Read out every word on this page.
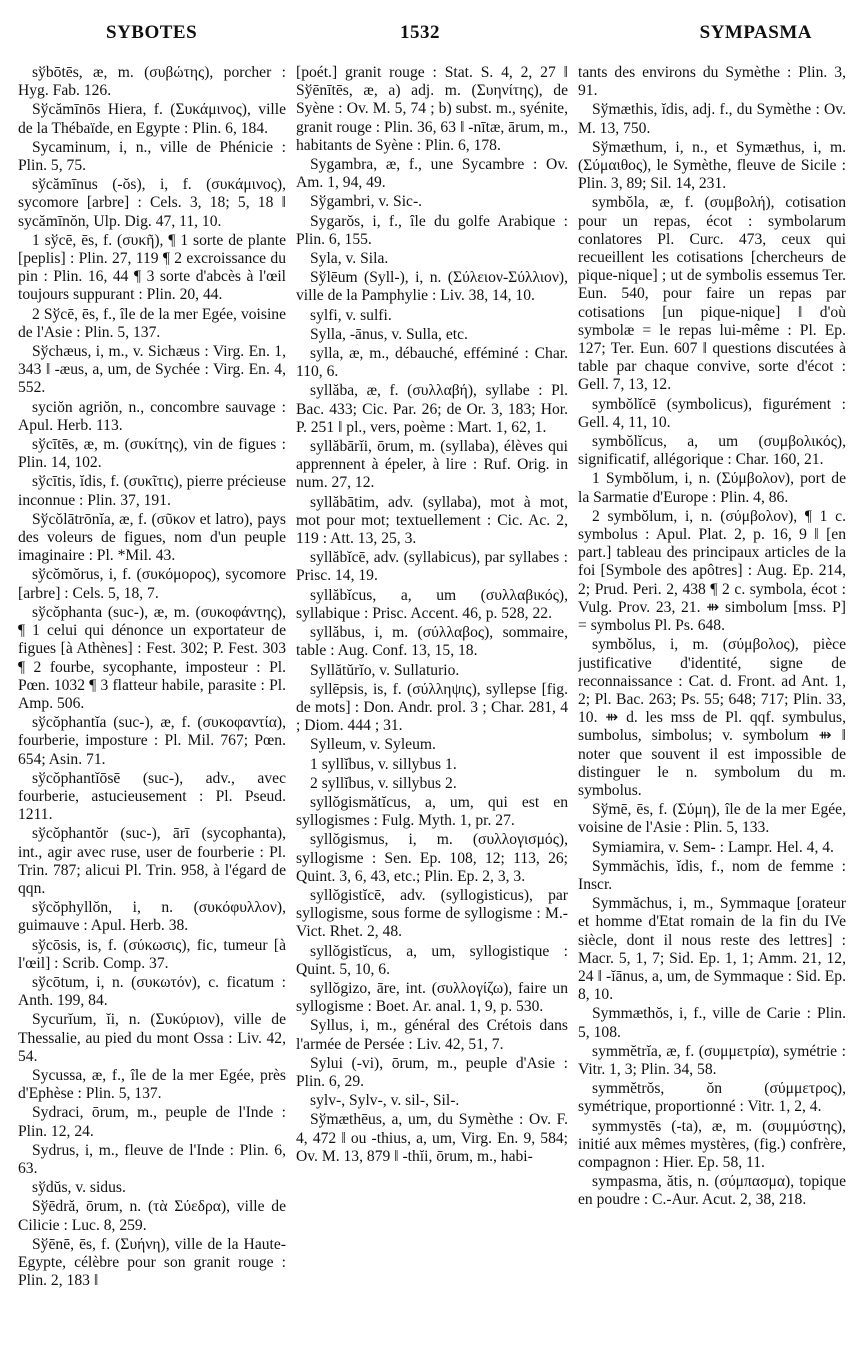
SYBOTES	1532	SYMPASMA

sўbōtēs, æ, m. (συβώτης), porcher : Hyg. Fab. 126.

Sўcămīnōs Hiera, f. (Συκάμινος), ville de la Thébaïde, en Egypte : Plin. 6, 184.

Sycaminum, i, n., ville de Phénicie : Plin. 5, 75.

sўcămīnus (-ŏs), i, f. (συκάμινος), sycomore [arbre] : Cels. 3, 18; 5, 18 ‖ sycămīnŏn, Ulp. Dig. 47, 11, 10.

1 sўcē, ēs, f. (συκῆ), ¶ 1 sorte de plante [peplis] : Plin. 27, 119 ¶ 2 excroissance du pin : Plin. 16, 44 ¶ 3 sorte d'abcès à l'œil toujours suppurant : Plin. 20, 44.

2 Sўcē, ēs, f., île de la mer Egée, voisine de l'Asie : Plin. 5, 137.

Sўchæus, i, m., v. Sichæus : Virg. En. 1, 343 ‖ -æus, a, um, de Sychée : Virg. En. 4, 552.

syciŏn agriŏn, n., concombre sauvage : Apul. Herb. 113.

sўcītēs, æ, m. (συκίτης), vin de figues : Plin. 14, 102.

sўcītis, ĭdis, f. (συκῖτις), pierre précieuse inconnue : Plin. 37, 191.

Sўcŏlātrōnĭa, æ, f. (σῦκον et latro), pays des voleurs de figues, nom d'un peuple imaginaire : Pl. *Mil. 43.

sўcŏmŏrus, i, f. (συκόμορος), sycomore [arbre] : Cels. 5, 18, 7.

sўcŏphanta (suc-), æ, m. (συκοφάντης), ¶ 1 celui qui dénonce un exportateur de figues [à Athènes] : Fest. 302; P. Fest. 303 ¶ 2 fourbe, sycophante, imposteur : Pl. Pœn. 1032 ¶ 3 flatteur habile, parasite : Pl. Amp. 506.

sўcŏphantĭa (suc-), æ, f. (συκοφαντία), fourberie, imposture : Pl. Mil. 767; Pœn. 654; Asin. 71.

sўcŏphantĭōsē (suc-), adv., avec fourberie, astucieusement : Pl. Pseud. 1211.

sўcŏphantŏr (suc-), ārī (sycophanta), int., agir avec ruse, user de fourberie : Pl. Trin. 787; alicui Pl. Trin. 958, à l'égard de qqn.

sўcŏphyllŏn, i, n. (συκόφυλλον), guimauve : Apul. Herb. 38.

sўcōsis, is, f. (σύκωσις), fic, tumeur [à l'œil] : Scrib. Comp. 37.

sўcōtum, i, n. (συκωτόν), c. ficatum : Anth. 199, 84.

Sycurĭum, ĭi, n. (Συκύριον), ville de Thessalie, au pied du mont Ossa : Liv. 42, 54.

Sycussa, æ, f., île de la mer Egée, près d'Ephèse : Plin. 5, 137.

Sydraci, ōrum, m., peuple de l'Inde : Plin. 12, 24.

Sydrus, i, m., fleuve de l'Inde : Plin. 6, 63.

sўdŭs, v. sidus.

Sўēdră, ōrum, n. (τὰ Σύεδρα), ville de Cilicie : Luc. 8, 259.

Sўēnē, ēs, f. (Συήνη), ville de la Haute-Egypte, célèbre pour son granit rouge : Plin. 2, 183 ‖

[poét.] granit rouge : Stat. S. 4, 2, 27 ‖ Sўēnītēs, æ, a) adj. m. (Συηνίτης), de Syène : Ov. M. 5, 74 ; b) subst. m., syénite, granit rouge : Plin. 36, 63 ‖ -nītæ, ārum, m., habitants de Syène : Plin. 6, 178.

Sygambra, æ, f., une Sycambre : Ov. Am. 1, 94, 49.

Sўgambri, v. Sic-.

Sygarŏs, i, f., île du golfe Arabique : Plin. 6, 155.

Syla, v. Sila.

Sўlēum (Syll-), i, n. (Σύλειον-Σύλλιον), ville de la Pamphylie : Liv. 38, 14, 10.

sylfi, v. sulfi.

Sylla, -ānus, v. Sulla, etc.

sylla, æ, m., débauché, efféminé : Char. 110, 6.

syllăba, æ, f. (συλλαβή), syllabe : Pl. Bac. 433; Cic. Par. 26; de Or. 3, 183; Hor. P. 251 ‖ pl., vers, poème : Mart. 1, 62, 1.

syllăbārĭi, ōrum, m. (syllaba), élèves qui apprennent à épeler, à lire : Ruf. Orig. in num. 27, 12.

syllăbātim, adv. (syllaba), mot à mot, mot pour mot; textuellement : Cic. Ac. 2, 119 : Att. 13, 25, 3.

syllăbĭcē, adv. (syllabicus), par syllabes : Prisc. 14, 19.

syllăbĭcus, a, um (συλλαβικός), syllabique : Prisc. Accent. 46, p. 528, 22.

syllăbus, i, m. (σύλλαβος), sommaire, table : Aug. Conf. 13, 15, 18.

Syllătŭrĭo, v. Sullaturio.

syllēpsis, is, f. (σύλληψις), syllepse [fig. de mots] : Don. Andr. prol. 3 ; Char. 281, 4 ; Diom. 444 ; 31.

Sylleum, v. Syleum.

1 syllĭbus, v. sillybus 1.

2 syllĭbus, v. sillybus 2.

syllŏgismătĭcus, a, um, qui est en syllogismes : Fulg. Myth. 1, pr. 27.

syllŏgismus, i, m. (συλλογισμός), syllogisme : Sen. Ep. 108, 12; 113, 26; Quint. 3, 6, 43, etc.; Plin. Ep. 2, 3, 3.

syllŏgistĭcē, adv. (syllogisticus), par syllogisme, sous forme de syllogisme : M.-Vict. Rhet. 2, 48.

syllŏgistĭcus, a, um, syllogistique : Quint. 5, 10, 6.

syllŏgizo, āre, int. (συλλογίζω), faire un syllogisme : Boet. Ar. anal. 1, 9, p. 530.

Syllus, i, m., général des Crétois dans l'armée de Persée : Liv. 42, 51, 7.

Sylui (-vi), ōrum, m., peuple d'Asie : Plin. 6, 29.

sylv-, Sylv-, v. sil-, Sil-.

Sўmæthēus, a, um, du Symèthe : Ov. F. 4, 472 ‖ ou -thius, a, um, Virg. En. 9, 584; Ov. M. 13, 879 ‖ -thĭi, ōrum, m., habi-

tants des environs du Symèthe : Plin. 3, 91.

Sўmæthis, ĭdis, adj. f., du Symèthe : Ov. M. 13, 750.

Sўmæthum, i, n., et Symæthus, i, m. (Σύμαιθος), le Symèthe, fleuve de Sicile : Plin. 3, 89; Sil. 14, 231.

symbŏla, æ, f. (συμβολή), cotisation pour un repas, écot : symbolarum conlatores Pl. Curc. 473, ceux qui recueillent les cotisations [chercheurs de pique-nique] ; ut de symbolis essemus Ter. Eun. 540, pour faire un repas par cotisations [un pique-nique] ‖ d'où symbolæ = le repas lui-même : Pl. Ep. 127; Ter. Eun. 607 ‖ questions discutées à table par chaque convive, sorte d'écot : Gell. 7, 13, 12.

symbŏlĭcē (symbolicus), figurément : Gell. 4, 11, 10.

symbŏlĭcus, a, um (συμβολικός), significatif, allégorique : Char. 160, 21.

1 Symbŏlum, i, n. (Σύμβολον), port de la Sarmatie d'Europe : Plin. 4, 86.

2 symbŏlum, i, n. (σύμβολον), ¶ 1 c. symbolus : Apul. Plat. 2, p. 16, 9 ‖ [en part.] tableau des principaux articles de la foi [Symbole des apôtres] : Aug. Ep. 214, 2; Prud. Peri. 2, 438 ¶ 2 c. symbola, écot : Vulg. Prov. 23, 21. ⇻ simbolum [mss. P] = symbolus Pl. Ps. 648.

symbŏlus, i, m. (σύμβολος), pièce justificative d'identité, signe de reconnaissance : Cat. d. Front. ad Ant. 1, 2; Pl. Bac. 263; Ps. 55; 648; 717; Plin. 33, 10. ⇻ d. les mss de Pl. qqf. symbulus, sumbolus, simbolus; v. symbolum ⇻ ‖ noter que souvent il est impossible de distinguer le n. symbolum du m. symbolus.

Sўmē, ēs, f. (Σύμη), île de la mer Egée, voisine de l'Asie : Plin. 5, 133.

Symiamira, v. Sem- : Lampr. Hel. 4, 4.

Symmăchis, ĭdis, f., nom de femme : Inscr.

Symmăchus, i, m., Symmaque [orateur et homme d'Etat romain de la fin du IVe siècle, dont il nous reste des lettres] : Macr. 5, 1, 7; Sid. Ep. 1, 1; Amm. 21, 12, 24 ‖ -ĭānus, a, um, de Symmaque : Sid. Ep. 8, 10.

Symmæthŏs, i, f., ville de Carie : Plin. 5, 108.

symmĕtrĭa, æ, f. (συμμετρία), symétrie : Vitr. 1, 3; Plin. 34, 58.

symmĕtrŏs, ŏn (σύμμετρος), symétrique, proportionné : Vitr. 1, 2, 4.

symmystēs (-ta), æ, m. (συμμύστης), initié aux mêmes mystères, (fig.) confrère, compagnon : Hier. Ep. 58, 11.

sympasma, ătis, n. (σύμπασμα), topique en poudre : C.-Aur. Acut. 2, 38, 218.
